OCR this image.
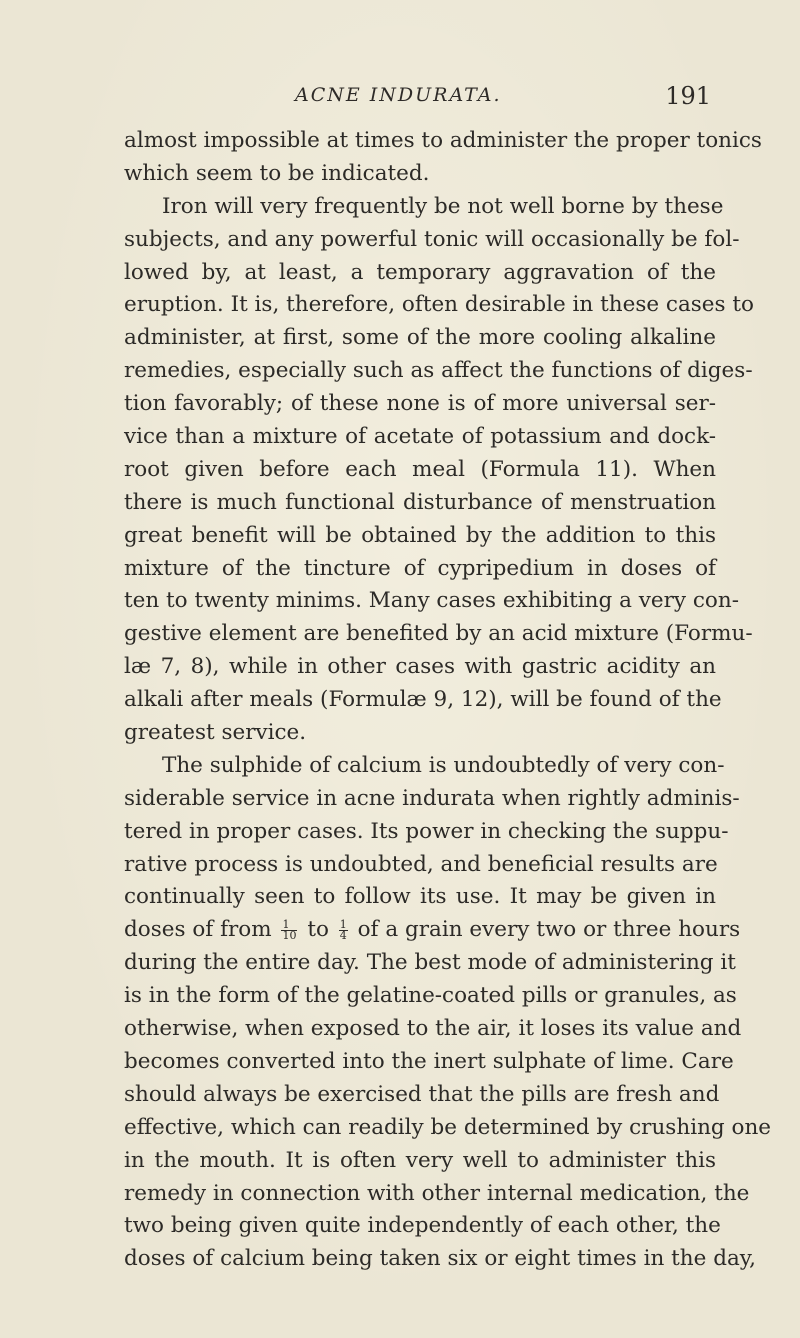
ACNE INDURATA.	191
almost impossible at times to administer the proper tonics
which seem to be indicated.
Iron will very frequently be not well borne by these
subjects, and any powerful tonic will occasionally be fol-
lowed by, at least, a temporary aggravation of the
eruption. It is, therefore, often desirable in these cases to
administer, at first, some of the more cooling alkaline
remedies, especially such as affect the functions of diges-
tion favorably; of these none is of more universal ser-
vice than a mixture of acetate of potassium and dock-
root given before each meal (Formula 11). When
there is much functional disturbance of menstruation
great benefit will be obtained by the addition to this
mixture of the tincture of cypripedium in doses of
ten to twenty minims. Many cases exhibiting a very con-
gestive element are benefited by an acid mixture (Formu-
læ 7, 8), while in other cases with gastric acidity an
alkali after meals (Formulæ 9, 12), will be found of the
greatest service.
The sulphide of calcium is undoubtedly of very con-
siderable service in acne indurata when rightly adminis-
tered in proper cases. Its power in checking the suppu-
rative process is undoubted, and beneficial results are
continually seen to follow its use. It may be given in
doses of from $\frac{1}{10}$ to $\frac{1}{4}$ of a grain every two or three hours
during the entire day. The best mode of administering it
is in the form of the gelatine-coated pills or granules, as
otherwise, when exposed to the air, it loses its value and
becomes converted into the inert sulphate of lime. Care
should always be exercised that the pills are fresh and
effective, which can readily be determined by crushing one
in the mouth. It is often very well to administer this
remedy in connection with other internal medication, the
two being given quite independently of each other, the
doses of calcium being taken six or eight times in the day,
